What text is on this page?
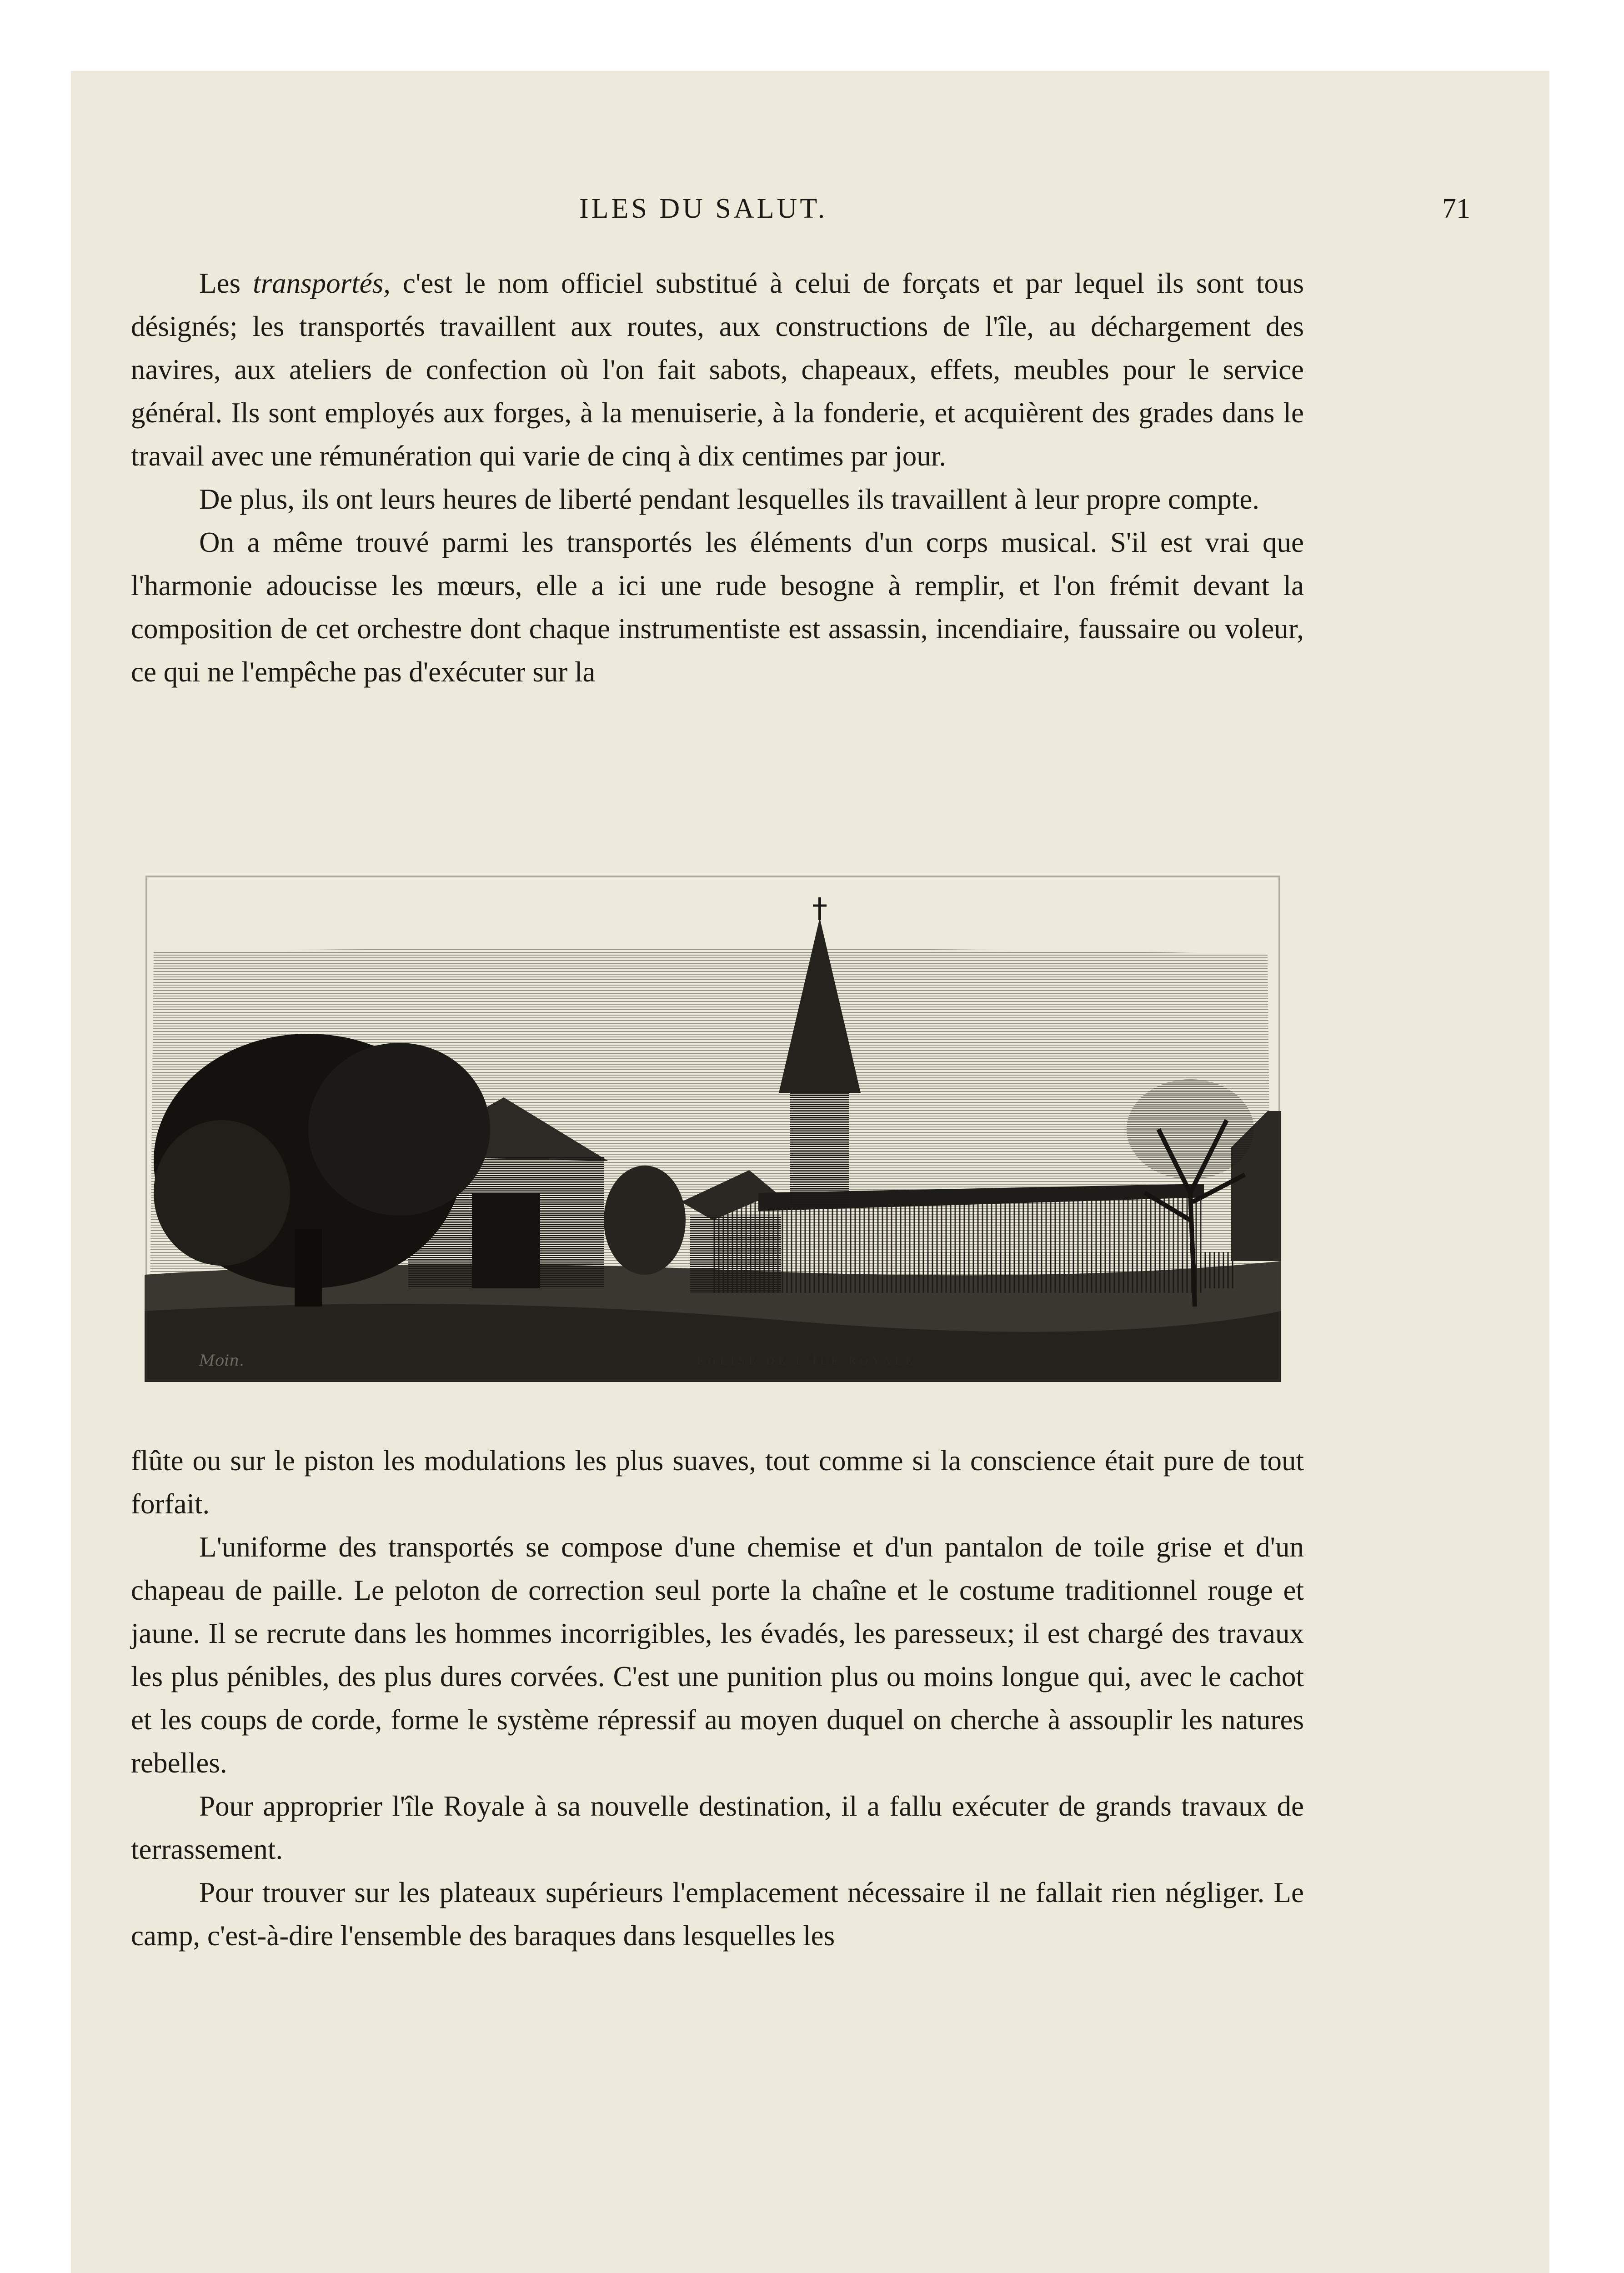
ILES DU SALUT.	71

Les transportés, c'est le nom officiel substitué à celui de forçats et par lequel ils sont tous désignés; les transportés travaillent aux routes, aux constructions de l'île, au déchargement des navires, aux ateliers de confection où l'on fait sabots, chapeaux, effets, meubles pour le service général. Ils sont employés aux forges, à la menuiserie, à la fonderie, et acquièrent des grades dans le travail avec une rémunération qui varie de cinq à dix centimes par jour.

De plus, ils ont leurs heures de liberté pendant lesquelles ils travaillent à leur propre compte.

On a même trouvé parmi les transportés les éléments d'un corps musical. S'il est vrai que l'harmonie adoucisse les mœurs, elle a ici une rude besogne à remplir, et l'on frémit devant la composition de cet orchestre dont chaque instrumentiste est assassin, incendiaire, faussaire ou voleur, ce qui ne l'empêche pas d'exécuter sur la

Moin.	ÉGLISE DE L'ÎLE ROYALE.

flûte ou sur le piston les modulations les plus suaves, tout comme si la conscience était pure de tout forfait.

L'uniforme des transportés se compose d'une chemise et d'un pantalon de toile grise et d'un chapeau de paille. Le peloton de correction seul porte la chaîne et le costume traditionnel rouge et jaune. Il se recrute dans les hommes incorrigibles, les évadés, les paresseux; il est chargé des travaux les plus pénibles, des plus dures corvées. C'est une punition plus ou moins longue qui, avec le cachot et les coups de corde, forme le système répressif au moyen duquel on cherche à assouplir les natures rebelles.

Pour approprier l'île Royale à sa nouvelle destination, il a fallu exécuter de grands travaux de terrassement.

Pour trouver sur les plateaux supérieurs l'emplacement nécessaire il ne fallait rien négliger. Le camp, c'est-à-dire l'ensemble des baraques dans lesquelles les
